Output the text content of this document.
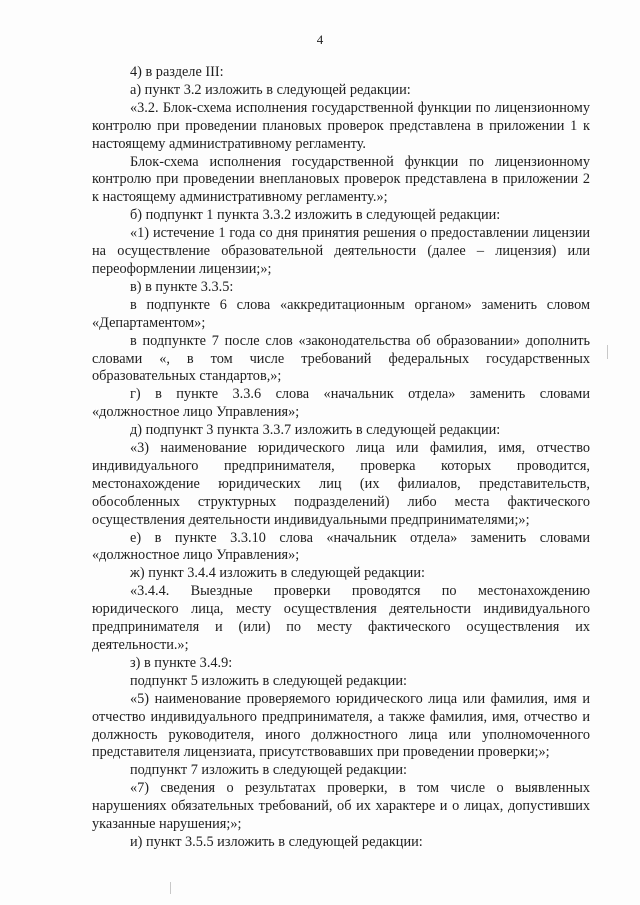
4

4) в разделе III:

а) пункт 3.2 изложить в следующей редакции:

«3.2. Блок-схема исполнения государственной функции по лицензионному контролю при проведении плановых проверок представлена в приложении 1 к настоящему административному регламенту.

Блок-схема исполнения государственной функции по лицензионному контролю при проведении внеплановых проверок представлена в приложении 2 к настоящему административному регламенту.»;

б) подпункт 1 пункта 3.3.2 изложить в следующей редакции:

«1) истечение 1 года со дня принятия решения о предоставлении лицензии на осуществление образовательной деятельности (далее – лицензия) или переоформлении лицензии;»;

в) в пункте 3.3.5:

в подпункте 6 слова «аккредитационным органом» заменить словом «Департаментом»;

в подпункте 7 после слов «законодательства об образовании» дополнить словами «, в том числе требований федеральных государственных образовательных стандартов,»;

г) в пункте 3.3.6 слова «начальник отдела» заменить словами «должностное лицо Управления»;

д) подпункт 3 пункта 3.3.7 изложить в следующей редакции:

«3) наименование юридического лица или фамилия, имя, отчество индивидуального предпринимателя, проверка которых проводится, местонахождение юридических лиц (их филиалов, представительств, обособленных структурных подразделений) либо места фактического осуществления деятельности индивидуальными предпринимателями;»;

е) в пункте 3.3.10 слова «начальник отдела» заменить словами «должностное лицо Управления»;

ж) пункт 3.4.4 изложить в следующей редакции:

«3.4.4. Выездные проверки проводятся по местонахождению юридического лица, месту осуществления деятельности индивидуального предпринимателя и (или) по месту фактического осуществления их деятельности.»;

з) в пункте 3.4.9:

подпункт 5 изложить в следующей редакции:

«5) наименование проверяемого юридического лица или фамилия, имя и отчество индивидуального предпринимателя, а также фамилия, имя, отчество и должность руководителя, иного должностного лица или уполномоченного представителя лицензиата, присутствовавших при проведении проверки;»;

подпункт 7 изложить в следующей редакции:

«7) сведения о результатах проверки, в том числе о выявленных нарушениях обязательных требований, об их характере и о лицах, допустивших указанные нарушения;»;

и) пункт 3.5.5 изложить в следующей редакции:
